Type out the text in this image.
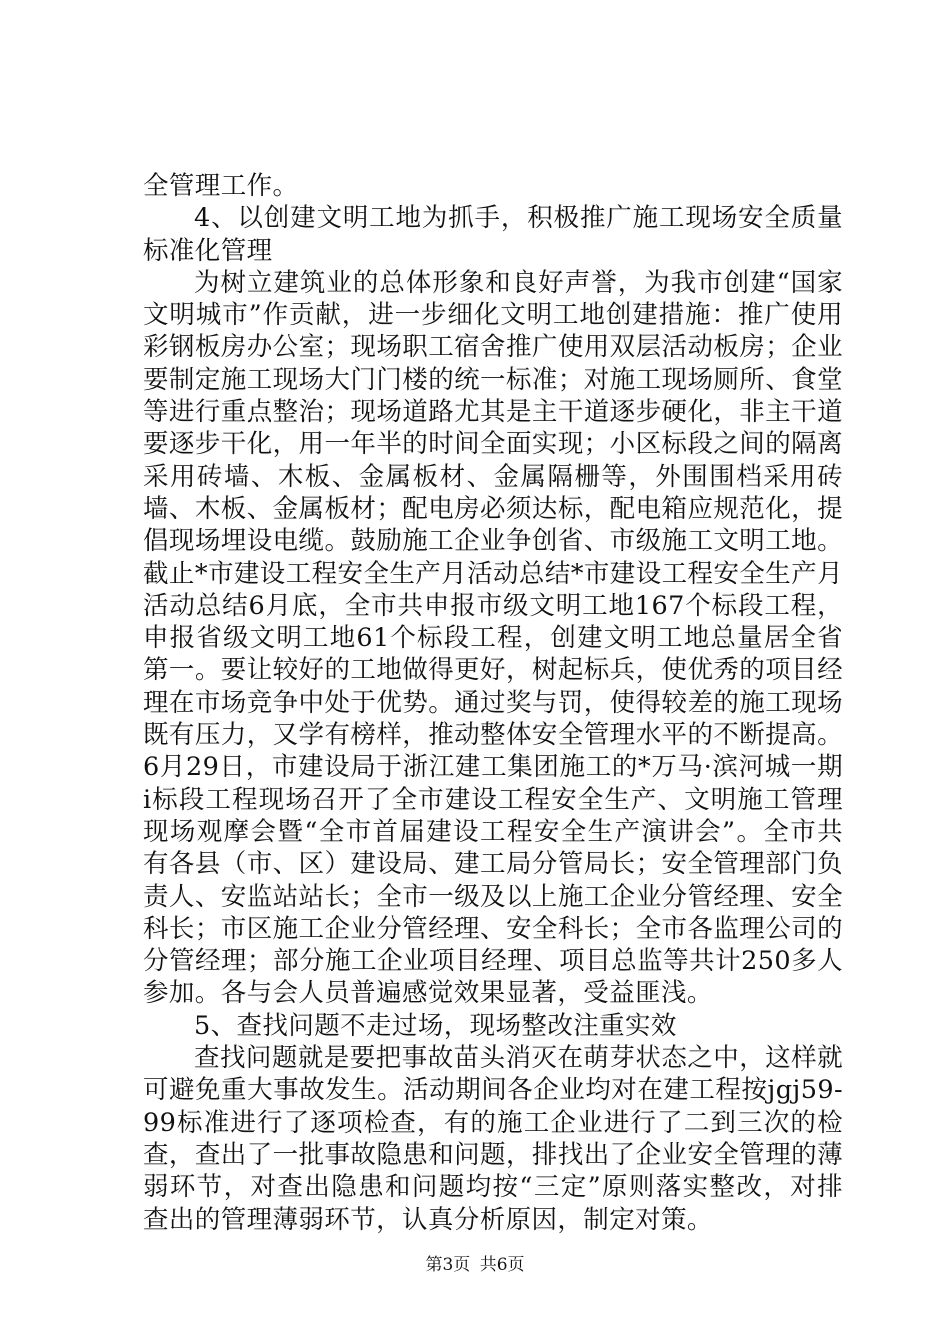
全管理工作。

4、以创建文明工地为抓手，积极推广施工现场安全质量标准化管理

为树立建筑业的总体形象和良好声誉，为我市创建“国家文明城市”作贡献，进一步细化文明工地创建措施：推广使用彩钢板房办公室；现场职工宿舍推广使用双层活动板房；企业要制定施工现场大门门楼的统一标准；对施工现场厕所、食堂等进行重点整治；现场道路尤其是主干道逐步硬化，非主干道要逐步干化，用一年半的时间全面实现；小区标段之间的隔离采用砖墙、木板、金属板材、金属隔栅等，外围围档采用砖墙、木板、金属板材；配电房必须达标，配电箱应规范化，提倡现场埋设电缆。鼓励施工企业争创省、市级施工文明工地。截止*市建设工程安全生产月活动总结*市建设工程安全生产月活动总结6月底，全市共申报市级文明工地167个标段工程，申报省级文明工地61个标段工程，创建文明工地总量居全省第一。要让较好的工地做得更好，树起标兵，使优秀的项目经理在市场竞争中处于优势。通过奖与罚，使得较差的施工现场既有压力，又学有榜样，推动整体安全管理水平的不断提高。6月29日，市建设局于浙江建工集团施工的*万马·滨河城一期i标段工程现场召开了全市建设工程安全生产、文明施工管理现场观摩会暨“全市首届建设工程安全生产演讲会”。全市共有各县（市、区）建设局、建工局分管局长；安全管理部门负责人、安监站站长；全市一级及以上施工企业分管经理、安全科长；市区施工企业分管经理、安全科长；全市各监理公司的分管经理；部分施工企业项目经理、项目总监等共计250多人参加。各与会人员普遍感觉效果显著，受益匪浅。

5、查找问题不走过场，现场整改注重实效

查找问题就是要把事故苗头消灭在萌芽状态之中，这样就可避免重大事故发生。活动期间各企业均对在建工程按jgj59-99标准进行了逐项检查，有的施工企业进行了二到三次的检查，查出了一批事故隐患和问题，排找出了企业安全管理的薄弱环节，对查出隐患和问题均按“三定”原则落实整改，对排查出的管理薄弱环节，认真分析原因，制定对策。

第3页 共6页
